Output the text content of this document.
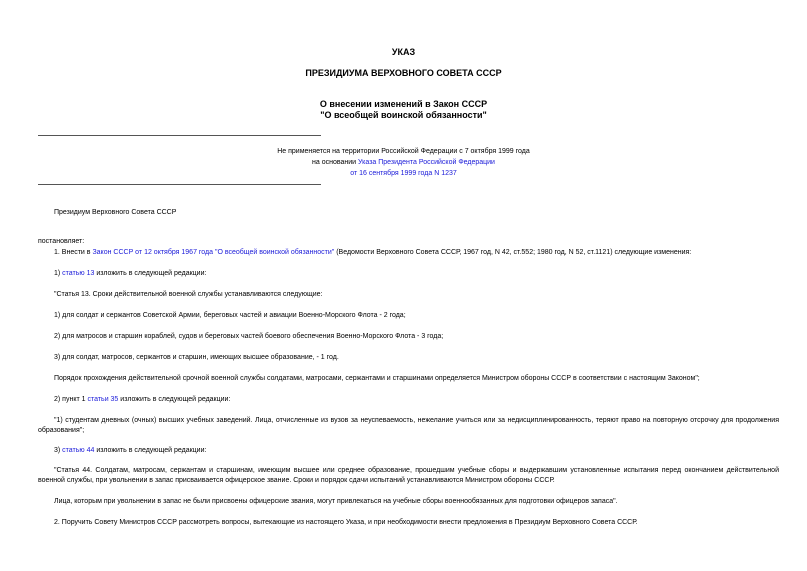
УКАЗ
ПРЕЗИДИУМА ВЕРХОВНОГО СОВЕТА СССР
О внесении изменений в Закон СССР
"О всеобщей воинской обязанности"
Не применяется на территории Российской Федерации с 7 октября 1999 года
на основании Указа Президента Российской Федерации
от 16 сентября 1999 года N 1237
Президиум Верховного Совета СССР
постановляет:
1. Внести в Закон СССР от 12 октября 1967 года "О всеобщей воинской обязанности" (Ведомости Верховного Совета СССР, 1967 год, N 42, ст.552; 1980 год, N 52, ст.1121) следующие изменения:
1) статью 13 изложить в следующей редакции:
"Статья 13. Сроки действительной военной службы устанавливаются следующие:
1) для солдат и сержантов Советской Армии, береговых частей и авиации Военно-Морского Флота - 2 года;
2) для матросов и старшин кораблей, судов и береговых частей боевого обеспечения Военно-Морского Флота - 3 года;
3) для солдат, матросов, сержантов и старшин, имеющих высшее образование, - 1 год.
Порядок прохождения действительной срочной военной службы солдатами, матросами, сержантами и старшинами определяется Министром обороны СССР в соответствии с настоящим Законом";
2) пункт 1 статьи 35 изложить в следующей редакции:
"1) студентам дневных (очных) высших учебных заведений. Лица, отчисленные из вузов за неуспеваемость, нежелание учиться или за недисциплинированность, теряют право на повторную отсрочку для продолжения образования";
3) статью 44 изложить в следующей редакции:
"Статья 44. Солдатам, матросам, сержантам и старшинам, имеющим высшее или среднее образование, прошедшим учебные сборы и выдержавшим установленные испытания перед окончанием действительной военной службы, при увольнении в запас присваивается офицерское звание. Сроки и порядок сдачи испытаний устанавливаются Министром обороны СССР.
Лица, которым при увольнении в запас не были присвоены офицерские звания, могут привлекаться на учебные сборы военнообязанных для подготовки офицеров запаса".
2. Поручить Совету Министров СССР рассмотреть вопросы, вытекающие из настоящего Указа, и при необходимости внести предложения в Президиум Верховного Совета СССР.
